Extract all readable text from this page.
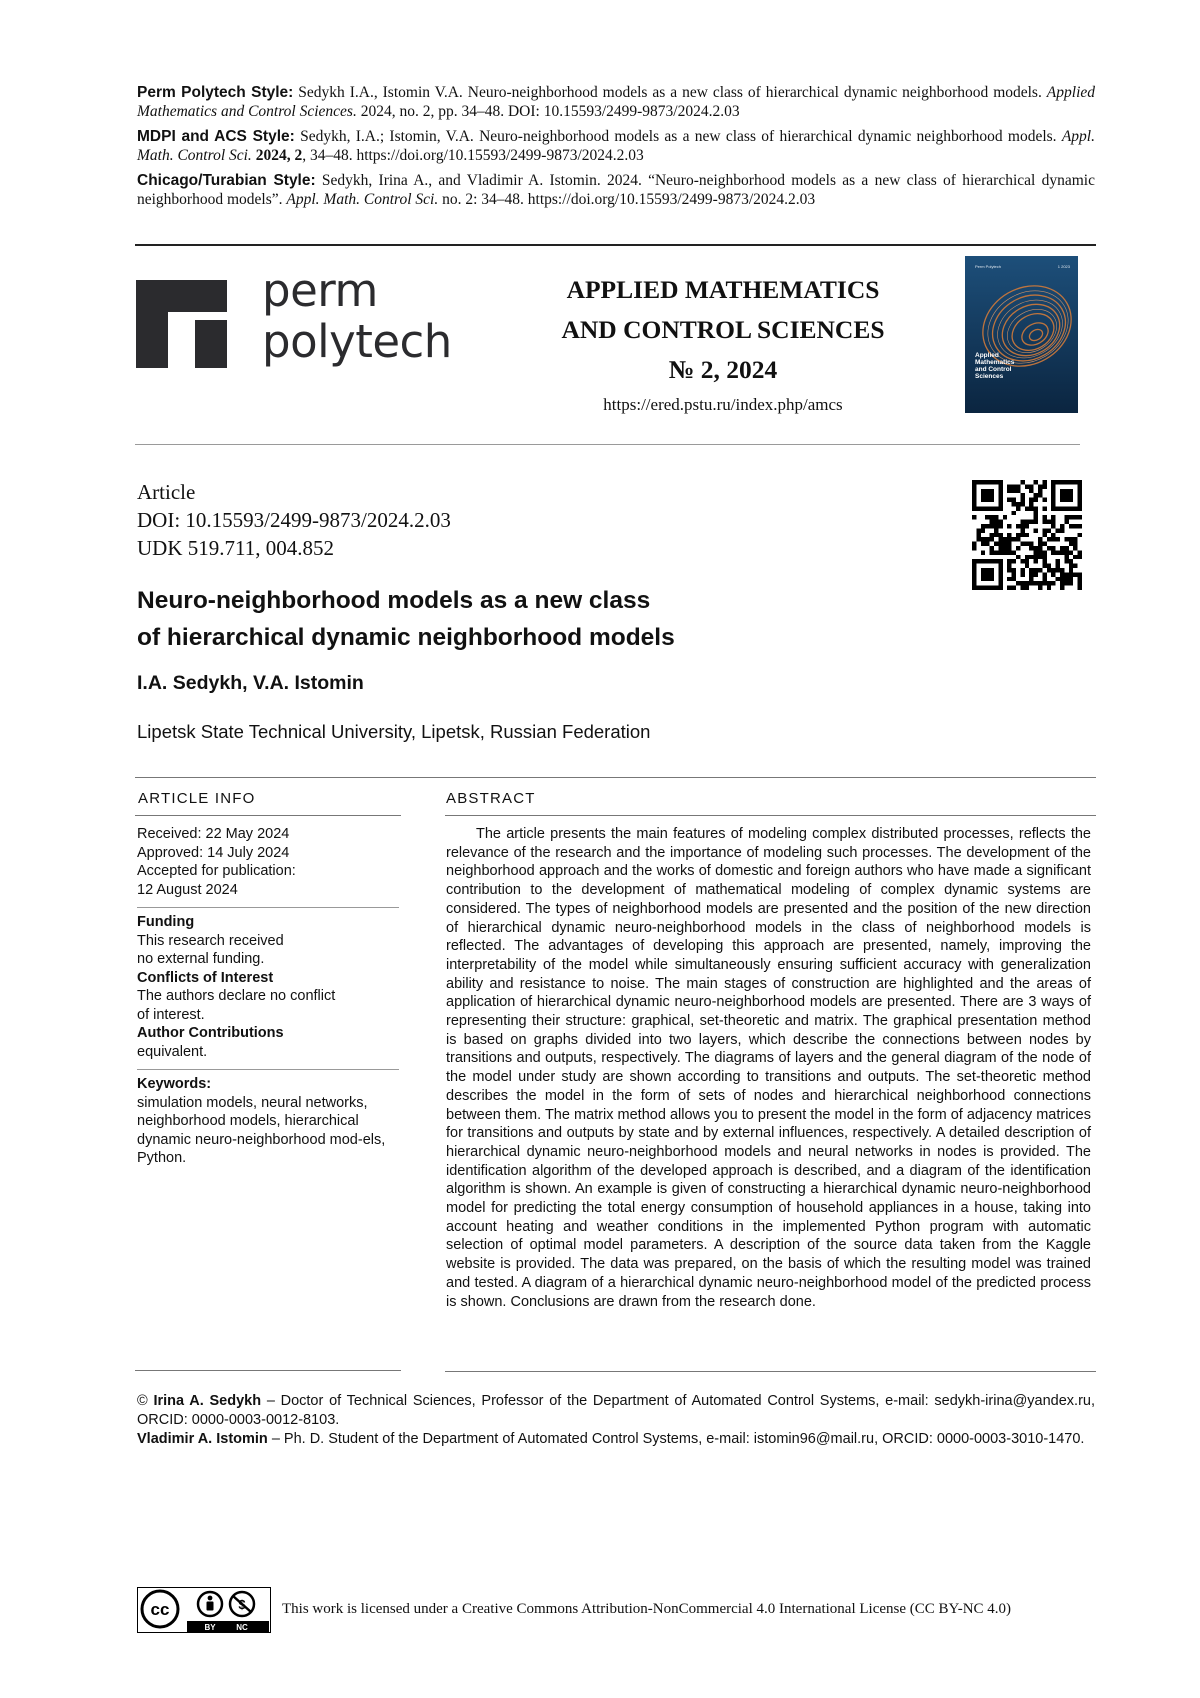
Perm Polytech Style: Sedykh I.A., Istomin V.A. Neuro-neighborhood models as a new class of hierarchical dynamic neighborhood models. Applied Mathematics and Control Sciences. 2024, no. 2, pp. 34–48. DOI: 10.15593/2499-9873/2024.2.03
MDPI and ACS Style: Sedykh, I.A.; Istomin, V.A. Neuro-neighborhood models as a new class of hierarchical dynamic neighborhood models. Appl. Math. Control Sci. 2024, 2, 34–48. https://doi.org/10.15593/2499-9873/2024.2.03
Chicago/Turabian Style: Sedykh, Irina A., and Vladimir A. Istomin. 2024. “Neuro-neighborhood models as a new class of hierarchical dynamic neighborhood models”. Appl. Math. Control Sci. no. 2: 34–48. https://doi.org/10.15593/2499-9873/2024.2.03
perm
polytech
APPLIED MATHEMATICS
AND CONTROL SCIENCES
№ 2, 2024
https://ered.pstu.ru/index.php/amcs
Perm Polytech	1 2023
Applied
Mathematics
and Control
Sciences
Article
DOI: 10.15593/2499-9873/2024.2.03
UDK 519.711, 004.852
Neuro-neighborhood models as a new class
of hierarchical dynamic neighborhood models
I.A. Sedykh, V.A. Istomin
Lipetsk State Technical University, Lipetsk, Russian Federation
ARTICLE INFO	ABSTRACT
Received: 22 May 2024
Approved: 14 July 2024
Accepted for publication:
12 August 2024
Funding
This research received
no external funding.
Conflicts of Interest
The authors declare no conflict
of interest.
Author Contributions
equivalent.
Keywords:
simulation models, neural networks, neighborhood models, hierarchical dynamic neuro-neighborhood mod-els, Python.
The article presents the main features of modeling complex distributed processes, reflects the relevance of the research and the importance of modeling such processes. The development of the neighborhood approach and the works of domestic and foreign authors who have made a significant contribution to the development of mathematical modeling of complex dynamic systems are considered. The types of neighborhood models are presented and the position of the new direction of hierarchical dynamic neuro-neighborhood models in the class of neighborhood models is reflected. The advantages of developing this approach are presented, namely, improving the interpretability of the model while simultaneously ensuring sufficient accuracy with generalization ability and resistance to noise. The main stages of construction are highlighted and the areas of application of hierarchical dynamic neuro-neighborhood models are presented. There are 3 ways of representing their structure: graphical, set-theoretic and matrix. The graphical presentation method is based on graphs divided into two layers, which describe the connections between nodes by transitions and outputs, respectively. The diagrams of layers and the general diagram of the node of the model under study are shown according to transitions and outputs. The set-theoretic method describes the model in the form of sets of nodes and hierarchical neighborhood connections between them. The matrix method allows you to present the model in the form of adjacency matrices for transitions and outputs by state and by external influences, respectively. A detailed description of hierarchical dynamic neuro-neighborhood models and neural networks in nodes is provided. The identification algorithm of the developed approach is described, and a diagram of the identification algorithm is shown. An example is given of constructing a hierarchical dynamic neuro-neighborhood model for predicting the total energy consumption of household appliances in a house, taking into account heating and weather conditions in the implemented Python program with automatic selection of optimal model parameters. A description of the source data taken from the Kaggle website is provided. The data was prepared, on the basis of which the resulting model was trained and tested. A diagram of a hierarchical dynamic neuro-neighborhood model of the predicted process is shown. Conclusions are drawn from the research done.
© Irina A. Sedykh – Doctor of Technical Sciences, Professor of the Department of Automated Control Systems, e-mail: sedykh-irina@yandex.ru, ORCID: 0000-0003-0012-8103.
Vladimir A. Istomin – Ph. D. Student of the Department of Automated Control Systems, e-mail: istomin96@mail.ru, ORCID: 0000-0003-3010-1470.
cc
BY	NC
This work is licensed under a Creative Commons Attribution-NonCommercial 4.0 International License (CC BY-NC 4.0)
